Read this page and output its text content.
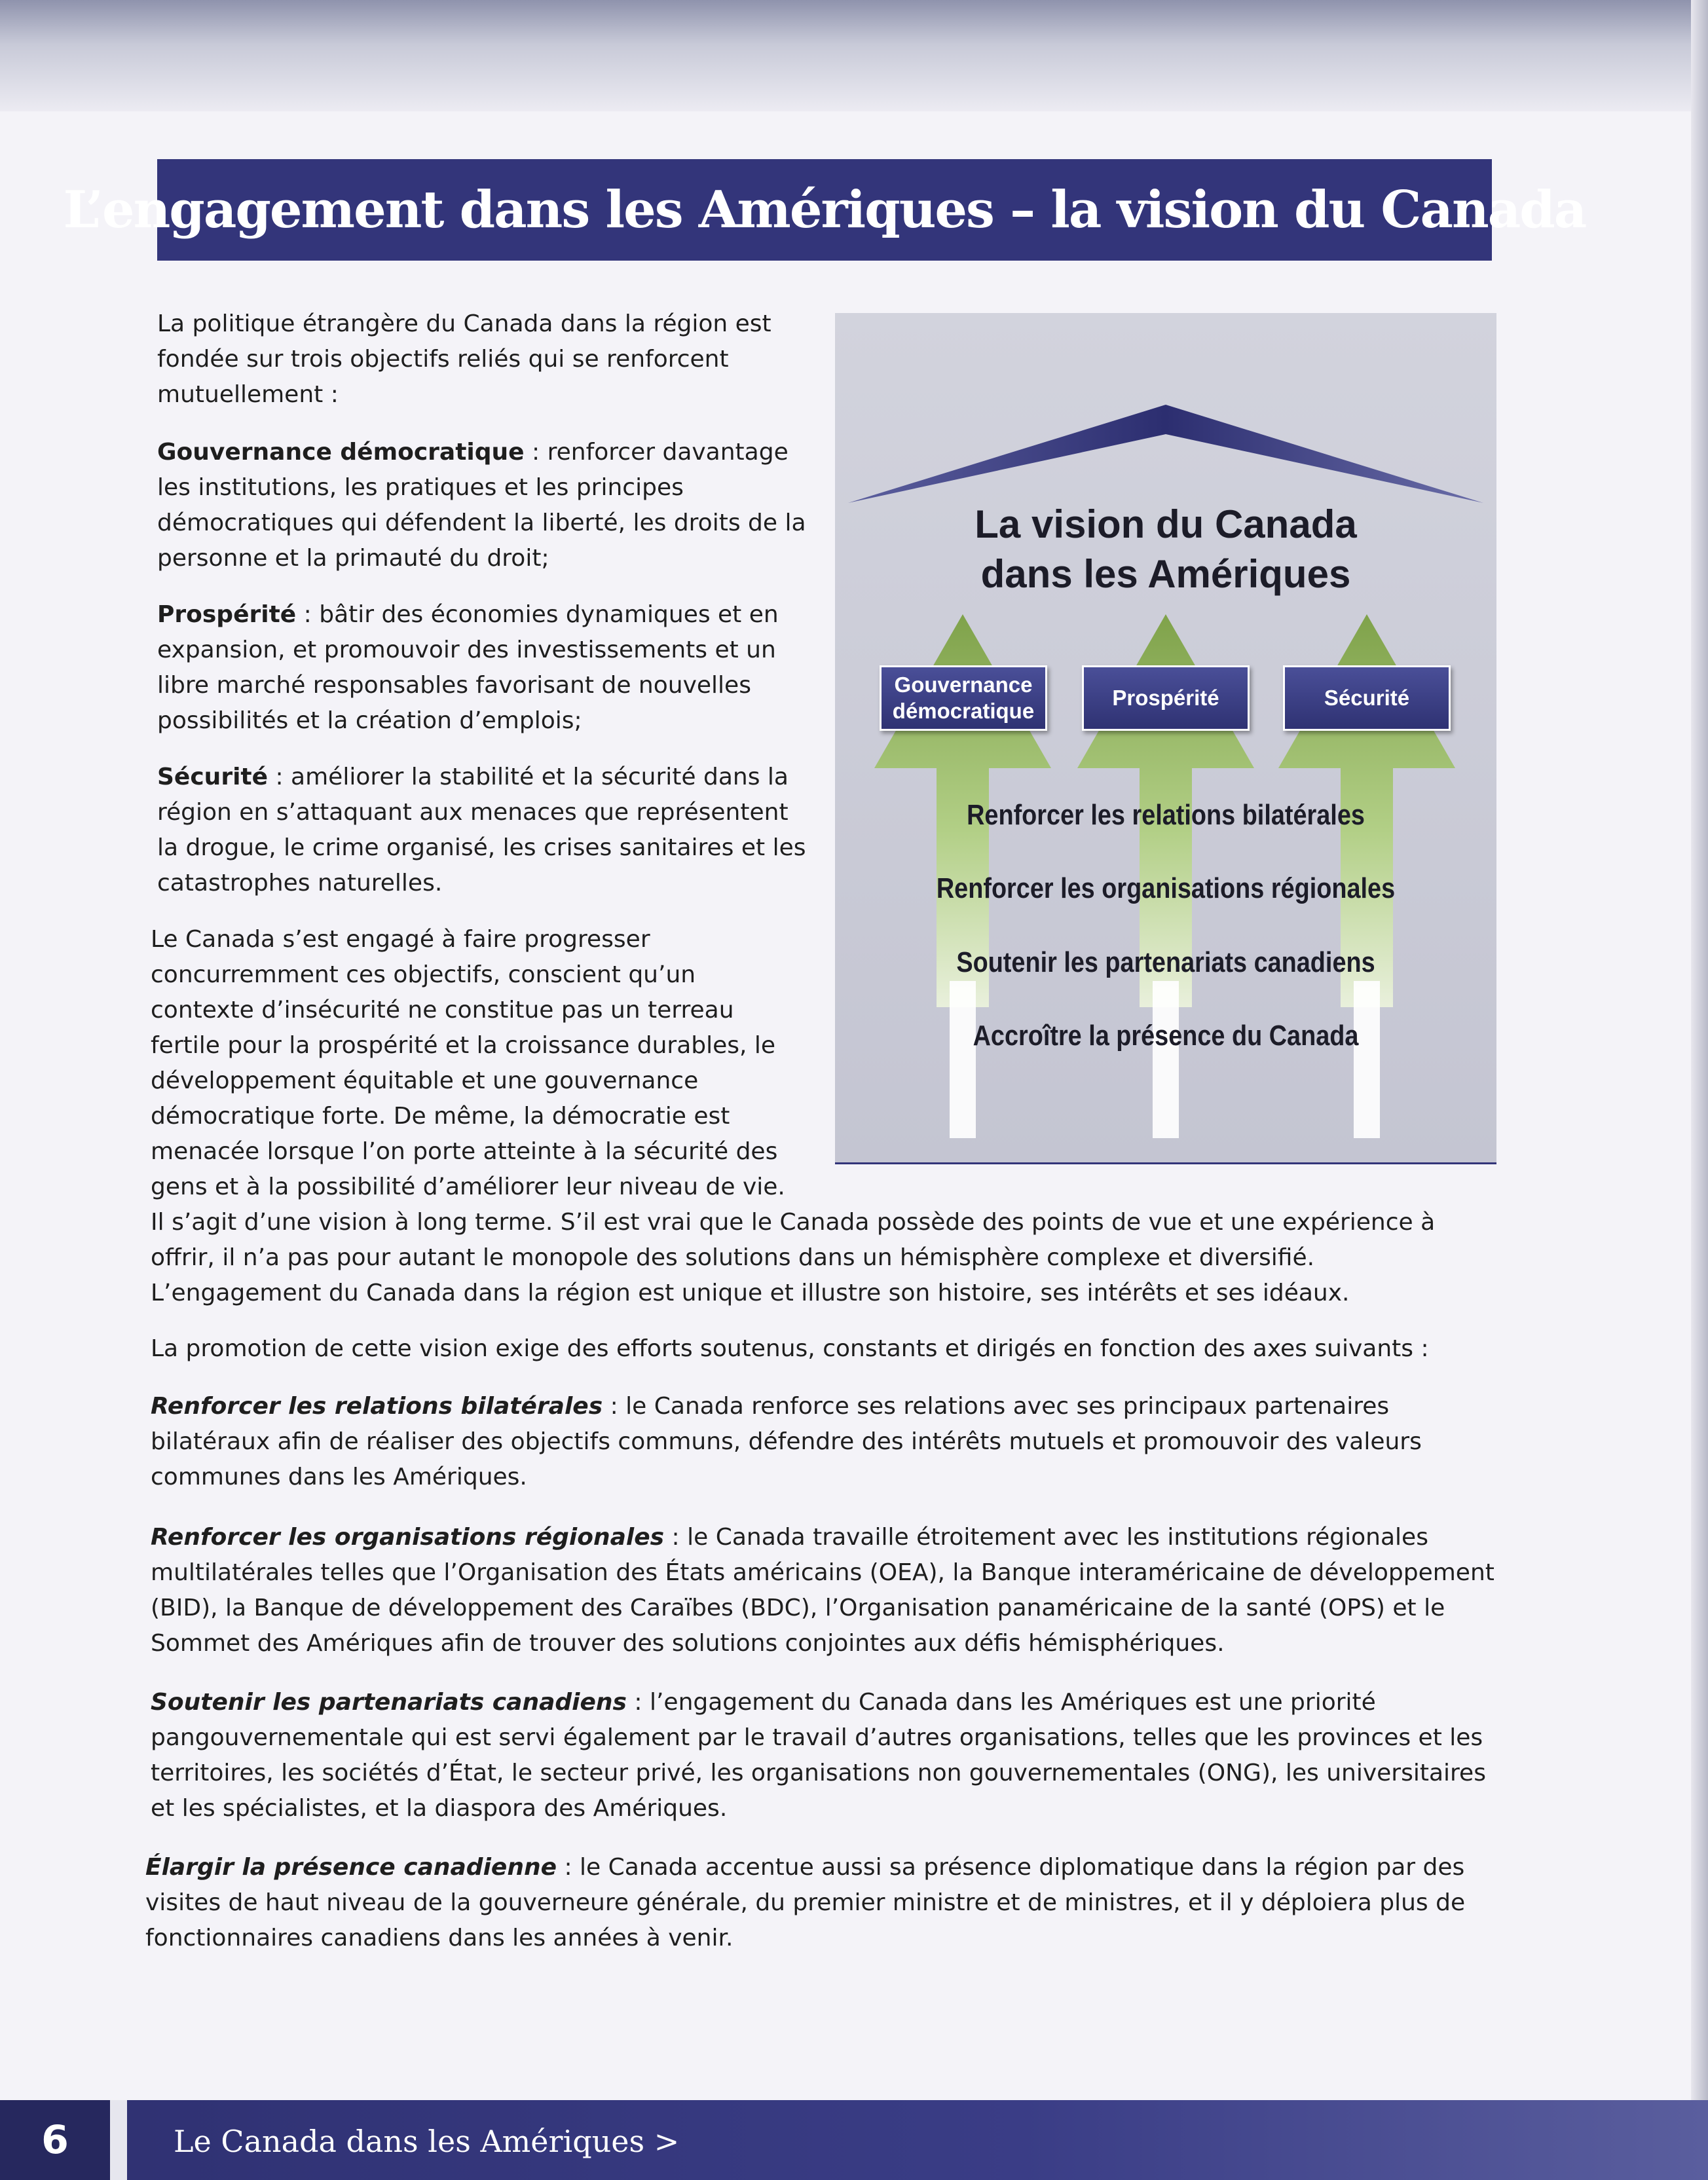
L’engagement dans les Amériques – la vision du Canada

La politique étrangère du Canada dans la région est fondée sur trois objectifs reliés qui se renforcent mutuellement :

Gouvernance démocratique : renforcer davantage les institutions, les pratiques et les principes démocratiques qui défendent la liberté, les droits de la personne et la primauté du droit;

Prospérité : bâtir des économies dynamiques et en expansion, et promouvoir des investissements et un libre marché responsables favorisant de nouvelles possibilités et la création d’emplois;

Sécurité : améliorer la stabilité et la sécurité dans la région en s’attaquant aux menaces que représentent la drogue, le crime organisé, les crises sanitaires et les catastrophes naturelles.

Le Canada s’est engagé à faire progresser concurremment ces objectifs, conscient qu’un contexte d’insécurité ne constitue pas un terreau fertile pour la prospérité et la croissance durables, le développement équitable et une gouvernance démocratique forte. De même, la démocratie est menacée lorsque l’on porte atteinte à la sécurité des gens et à la possibilité d’améliorer leur niveau de vie. Il s’agit d’une vision à long terme. S’il est vrai que le Canada possède des points de vue et une expérience à offrir, il n’a pas pour autant le monopole des solutions dans un hémisphère complexe et diversifié. L’engagement du Canada dans la région est unique et illustre son histoire, ses intérêts et ses idéaux.

La promotion de cette vision exige des efforts soutenus, constants et dirigés en fonction des axes suivants :

Renforcer les relations bilatérales : le Canada renforce ses relations avec ses principaux partenaires bilatéraux afin de réaliser des objectifs communs, défendre des intérêts mutuels et promouvoir des valeurs communes dans les Amériques.

Renforcer les organisations régionales : le Canada travaille étroitement avec les institutions régionales multilatérales telles que l’Organisation des États américains (OEA), la Banque interaméricaine de développement (BID), la Banque de développement des Caraïbes (BDC), l’Organisation panaméricaine de la santé (OPS) et le Sommet des Amériques afin de trouver des solutions conjointes aux défis hémisphériques.

Soutenir les partenariats canadiens : l’engagement du Canada dans les Amériques est une priorité pangouvernementale qui est servi également par le travail d’autres organisations, telles que les provinces et les territoires, les sociétés d’État, le secteur privé, les organisations non gouvernementales (ONG), les universitaires et les spécialistes, et la diaspora des Amériques.

Élargir la présence canadienne : le Canada accentue aussi sa présence diplomatique dans la région par des visites de haut niveau de la gouverneure générale, du premier ministre et de ministres, et il y déploiera plus de fonctionnaires canadiens dans les années à venir.

La vision du Canada
dans les Amériques
Gouvernance
démocratique
Prospérité	Sécurité
Renforcer les relations bilatérales
Renforcer les organisations régionales
Soutenir les partenariats canadiens
Accroître la présence du Canada
6	Le Canada dans les Amériques >
